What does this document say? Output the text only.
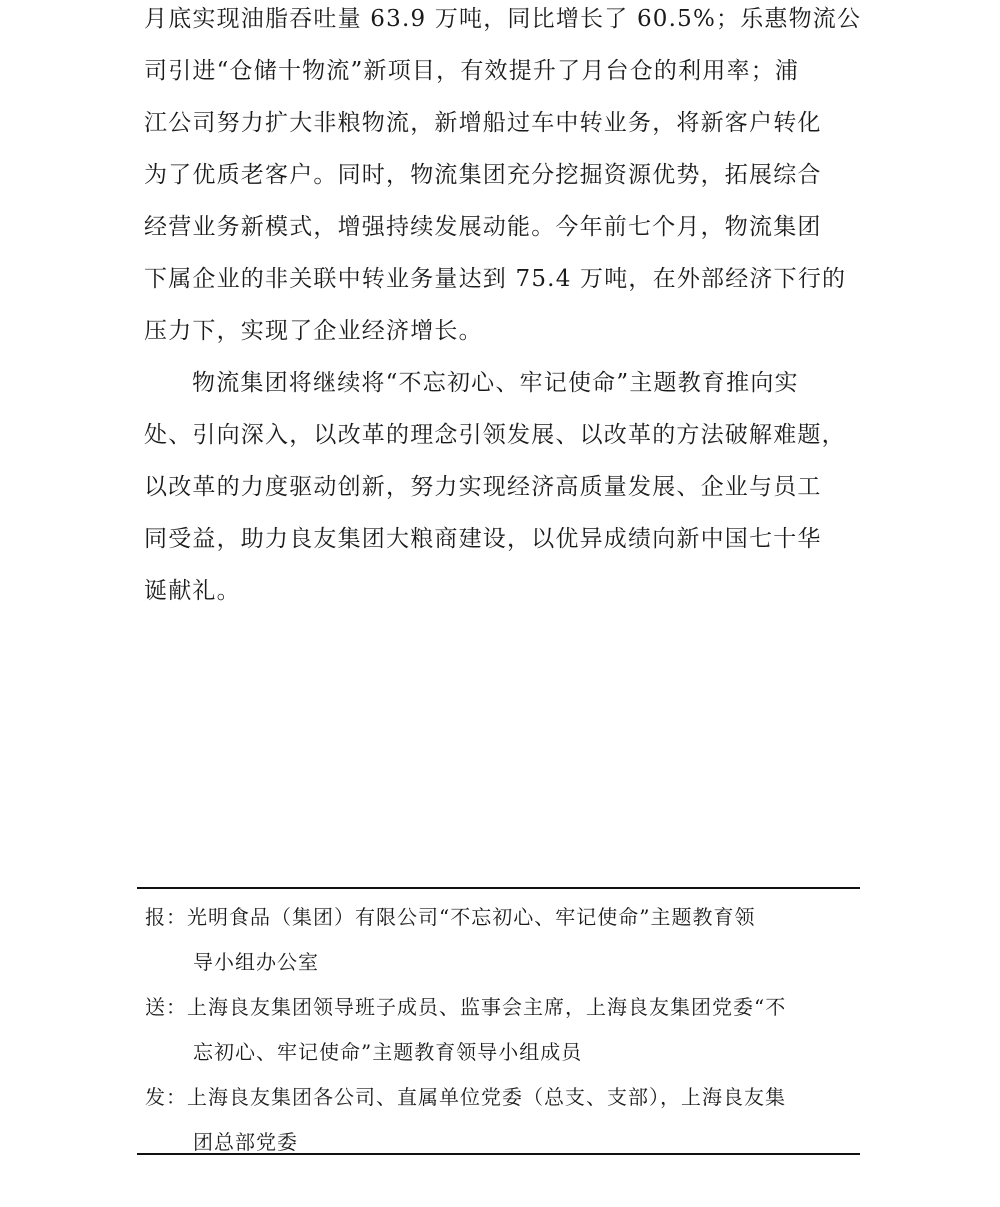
月底实现油脂吞吐量 63.9 万吨，同比增长了 60.5%；乐惠物流公
司引进“仓储十物流”新项目，有效提升了月台仓的利用率；浦
江公司努力扩大非粮物流，新增船过车中转业务，将新客户转化
为了优质老客户。同时，物流集团充分挖掘资源优势，拓展综合
经营业务新模式，增强持续发展动能。今年前七个月，物流集团
下属企业的非关联中转业务量达到 75.4 万吨，在外部经济下行的
压力下，实现了企业经济增长。
物流集团将继续将“不忘初心、牢记使命”主题教育推向实
处、引向深入，以改革的理念引领发展、以改革的方法破解难题，
以改革的力度驱动创新，努力实现经济高质量发展、企业与员工
同受益，助力良友集团大粮商建设，以优异成绩向新中国七十华
诞献礼。
报：光明食品（集团）有限公司“不忘初心、牢记使命”主题教育领
导小组办公室
送：上海良友集团领导班子成员、监事会主席，上海良友集团党委“不
忘初心、牢记使命”主题教育领导小组成员
发：上海良友集团各公司、直属单位党委（总支、支部），上海良友集
团总部党委
